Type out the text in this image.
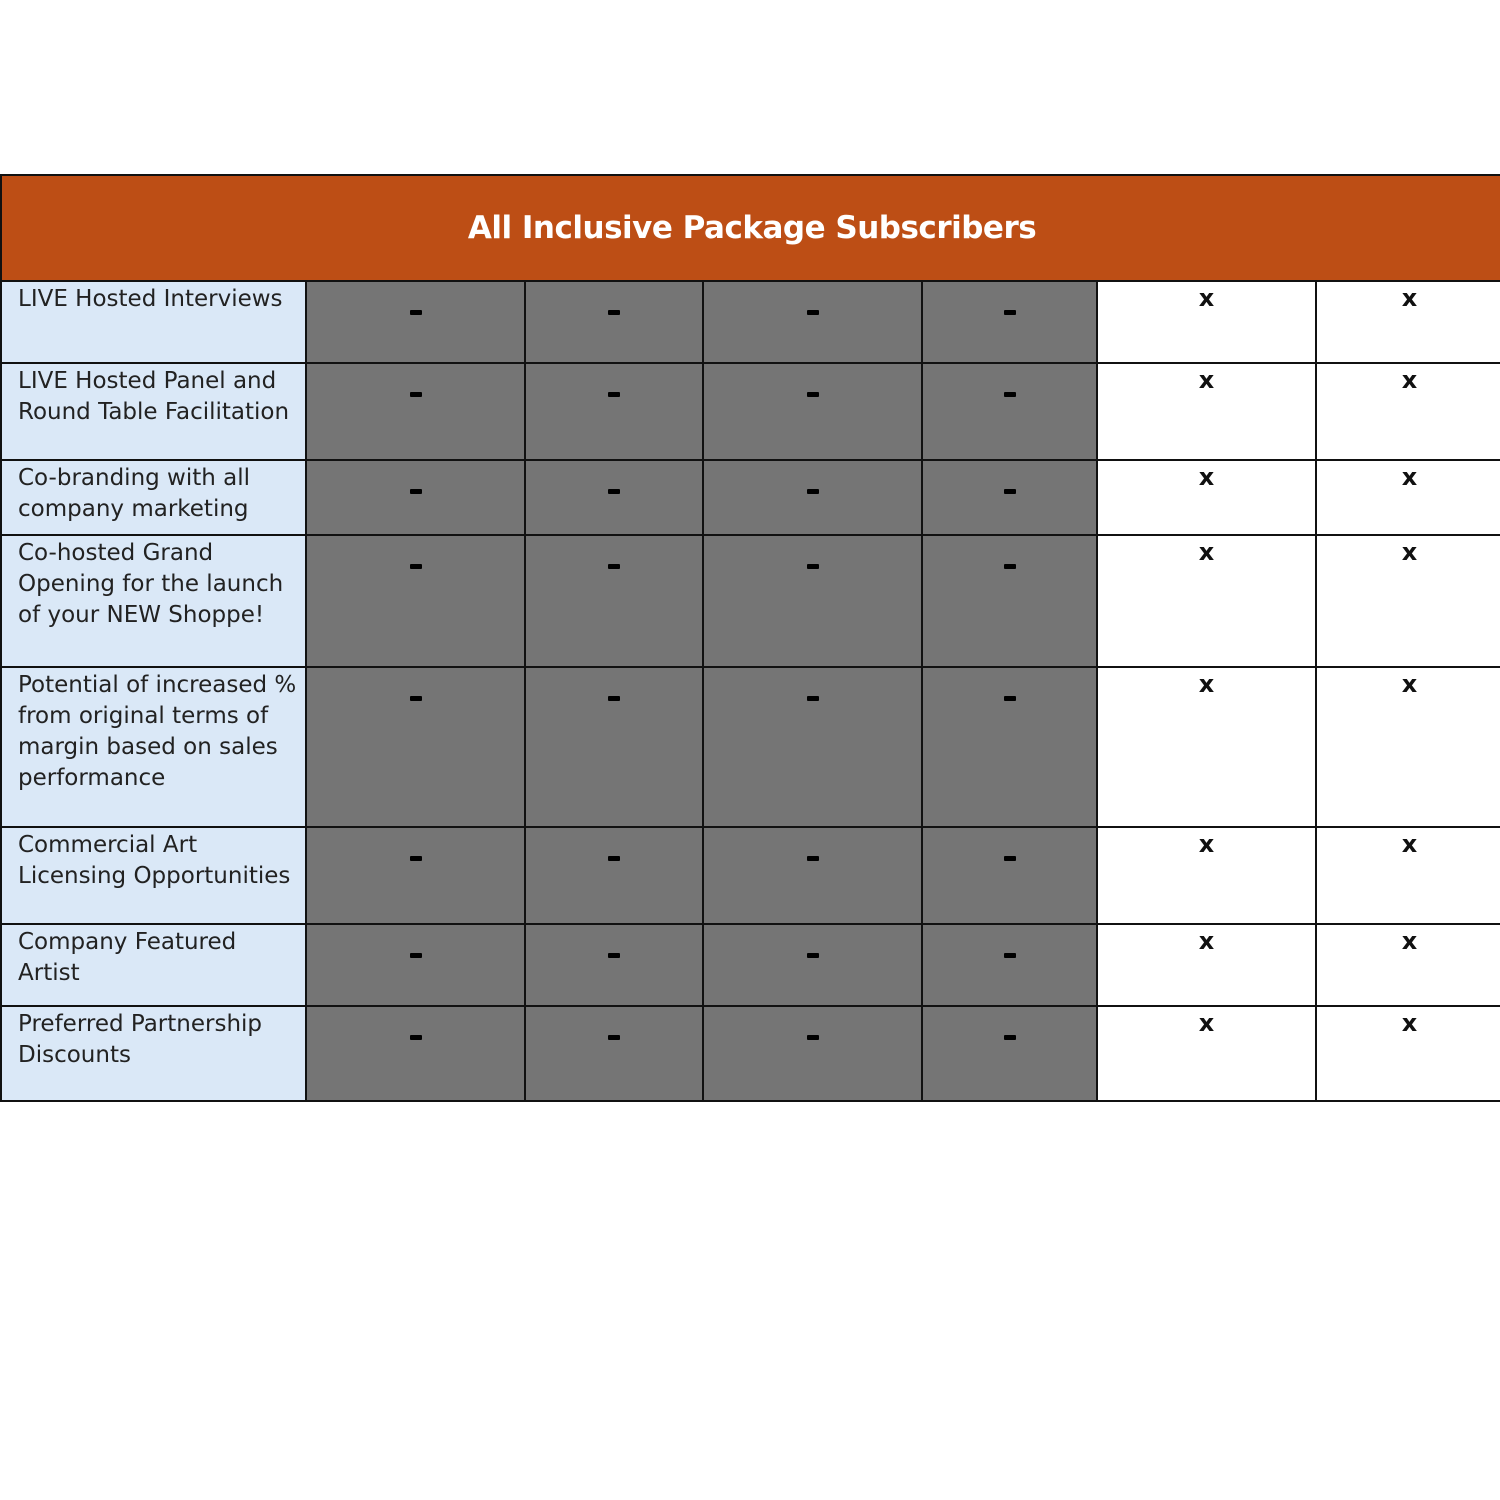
All Inclusive Package Subscribers						
LIVE Hosted Interviews					x	x
LIVE Hosted Panel and Round Table Facilitation					x	x
Co-branding with all company marketing					x	x
Co-hosted Grand Opening for the launch of your NEW Shoppe!					x	x
Potential of increased % from original terms of margin based on sales performance					x	x
Commercial Art Licensing Opportunities					x	x
Company Featured Artist					x	x
Preferred Partnership Discounts					x	x
